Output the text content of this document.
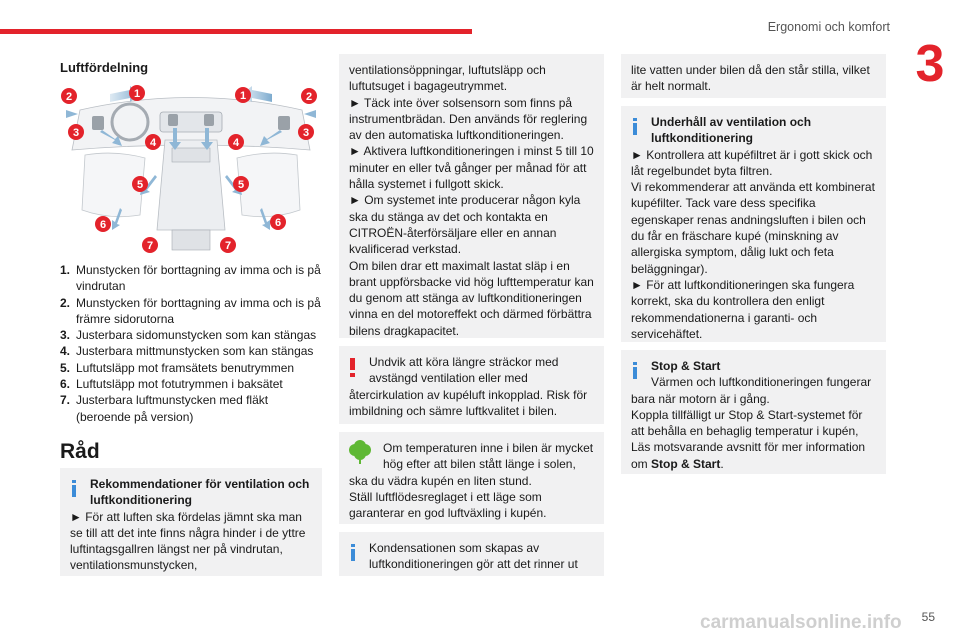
Ergonomi och komfort
3
Luftfördelning
1	1
2	2
3	3
4	4
5	5
6	6
7	7
1. Munstycken för borttagning av imma och is på vindrutan
2. Munstycken för borttagning av imma och is på främre sidorutorna
3. Justerbara sidomunstycken som kan stängas
4. Justerbara mittmunstycken som kan stängas
5. Luftutsläpp mot framsätets benutrymmen
6. Luftutsläpp mot fotutrymmen i baksätet
7. Justerbara luftmunstycken med fläkt (beroende på version)
Råd

Rekommendationer för ventilation och luftkonditionering

► För att luften ska fördelas jämnt ska man se till att det inte finns några hinder i de yttre luftintagsgallren längst ner på vindrutan, ventilationsmunstycken,

ventilationsöppningar, luftutsläpp och luftutsuget i bagageutrymmet.
► Täck inte över solsensorn som finns på instrumentbrädan. Den används för reglering av den automatiska luftkonditioneringen.
► Aktivera luftkonditioneringen i minst 5 till 10 minuter en eller två gånger per månad för att hålla systemet i fullgott skick.
► Om systemet inte producerar någon kyla ska du stänga av det och kontakta en CITROËN-återförsäljare eller en annan kvalificerad verkstad.
Om bilen drar ett maximalt lastat släp i en brant uppförsbacke vid hög lufttemperatur kan du genom att stänga av luftkonditioneringen vinna en del motoreffekt och därmed förbättra bilens dragkapacitet.

Undvik att köra längre sträckor med avstängd ventilation eller med

återcirkulation av kupéluft inkopplad. Risk för imbildning och sämre luftkvalitet i bilen.

Om temperaturen inne i bilen är mycket hög efter att bilen stått länge i solen,

ska du vädra kupén en liten stund.
Ställ luftflödesreglaget i ett läge som garanterar en god luftväxling i kupén.

Kondensationen som skapas av luftkonditioneringen gör att det rinner ut

lite vatten under bilen då den står stilla, vilket är helt normalt.

Underhåll av ventilation och luftkonditionering

► Kontrollera att kupéfiltret är i gott skick och låt regelbundet byta filtren.
Vi rekommenderar att använda ett kombinerat kupéfilter. Tack vare dess specifika egenskaper renas andningsluften i bilen och du får en fräschare kupé (minskning av allergiska symptom, dålig lukt och feta beläggningar).
► För att luftkonditioneringen ska fungera korrekt, ska du kontrollera den enligt rekommendationerna i garanti- och servicehäftet.

Stop & Start

Värmen och luftkonditioneringen fungerar

bara när motorn är i gång.
Koppla tillfälligt ur Stop & Start-systemet för att behålla en behaglig temperatur i kupén,
Läs motsvarande avsnitt för mer information om Stop & Start.

carmanualsonline.info	55
